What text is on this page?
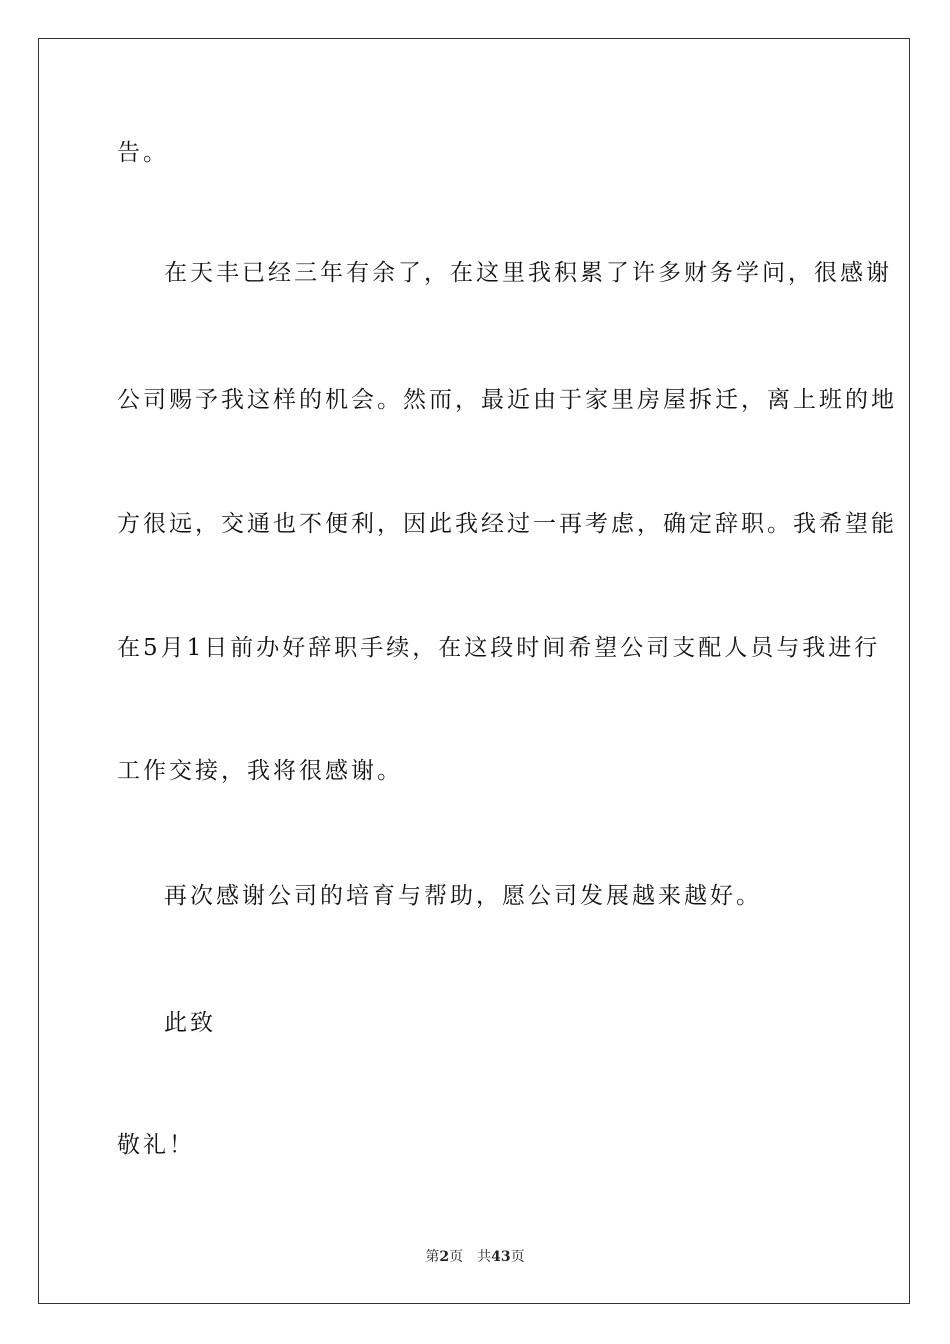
告。
在天丰已经三年有余了，在这里我积累了许多财务学问，很感谢
公司赐予我这样的机会。然而，最近由于家里房屋拆迁，离上班的地
方很远，交通也不便利，因此我经过一再考虑，确定辞职。我希望能
在5月1日前办好辞职手续，在这段时间希望公司支配人员与我进行
工作交接，我将很感谢。
再次感谢公司的培育与帮助，愿公司发展越来越好。
此致
敬礼！
第2页 共43页
